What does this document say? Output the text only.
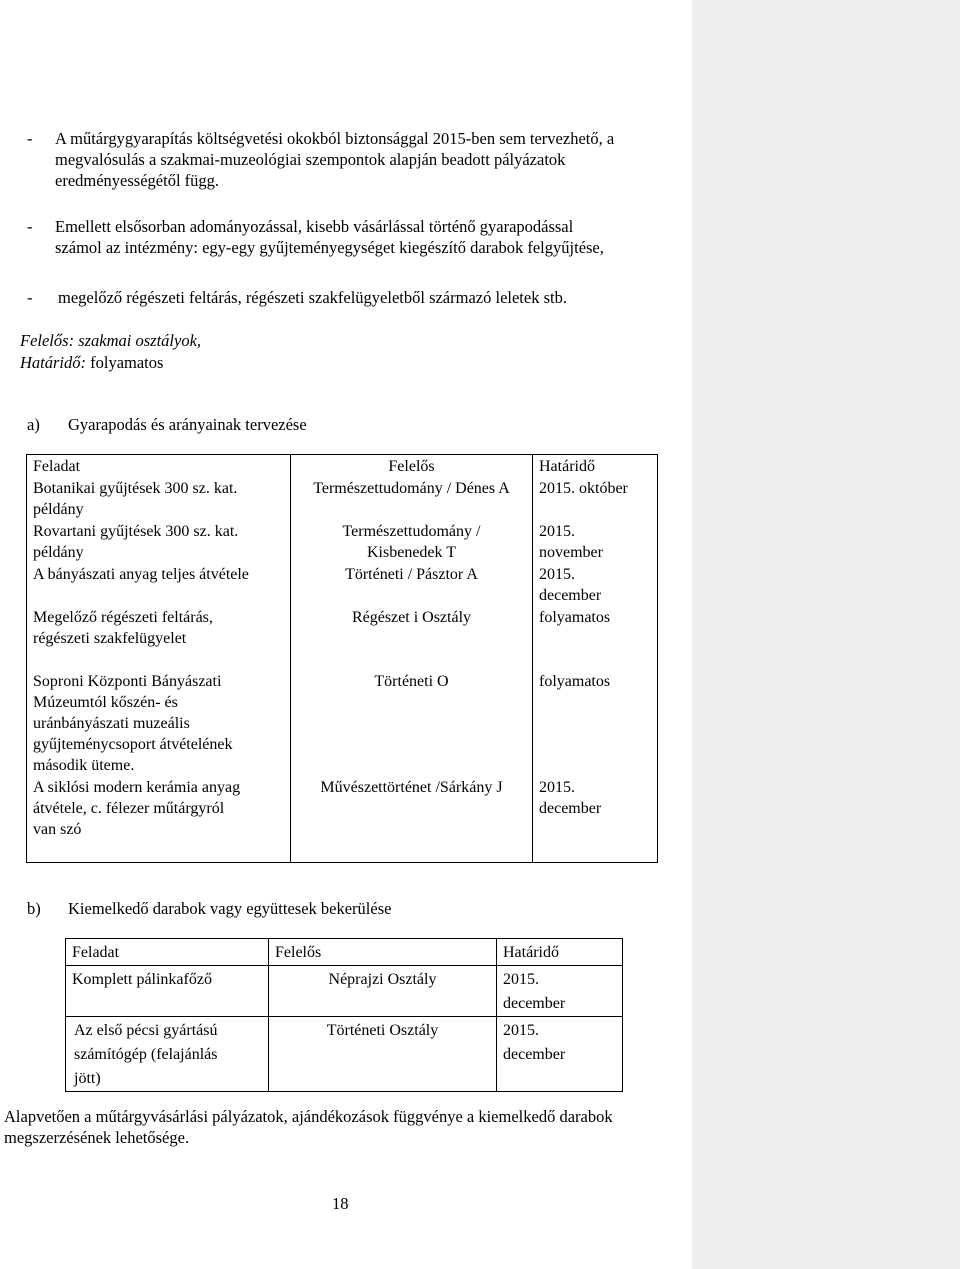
- A műtárgygyarapítás költségvetési okokból biztonsággal 2015-ben sem tervezhető, a
megvalósulás a szakmai-muzeológiai szempontok alapján beadott pályázatok
eredményességétől függ.
- Emellett elsősorban adományozással, kisebb vásárlással történő gyarapodással
számol az intézmény: egy-egy gyűjteményegységet kiegészítő darabok felgyűjtése,
- megelőző régészeti feltárás, régészeti szakfelügyeletből származó leletek stb.
Felelős: szakmai osztályok,
Határidő: folyamatos
a) Gyarapodás és arányainak tervezése
Feladat	Felelős	Határidő

Botanikai gyűjtések 300 sz. kat.
példány	Természettudomány / Dénes A	2015. október

Rovartani gyűjtések 300 sz. kat.
példány	Természettudomány /
Kisbenedek T	2015.
november

A bányászati anyag teljes átvétele	Történeti / Pásztor A	2015.
december

Megelőző régészeti feltárás,
régészeti szakfelügyelet	Régészet i Osztály	folyamatos

Soproni Központi Bányászati
Múzeumtól kőszén- és
uránbányászati muzeális
gyűjteménycsoport átvételének
második üteme.	Történeti O	folyamatos

A siklósi modern kerámia anyag
átvétele, c. félezer műtárgyról
van szó	Művészettörténet /Sárkány J	2015.
december
b) Kiemelkedő darabok vagy együttesek bekerülése
Feladat	Felelős	Határidő

Komplett pálinkafőző	Néprajzi Osztály	2015.
december

Az első pécsi gyártású
számítógép (felajánlás
jött)	Történeti Osztály	2015.
december
Alapvetően a műtárgyvásárlási pályázatok, ajándékozások függvénye a kiemelkedő darabok
megszerzésének lehetősége.
18
